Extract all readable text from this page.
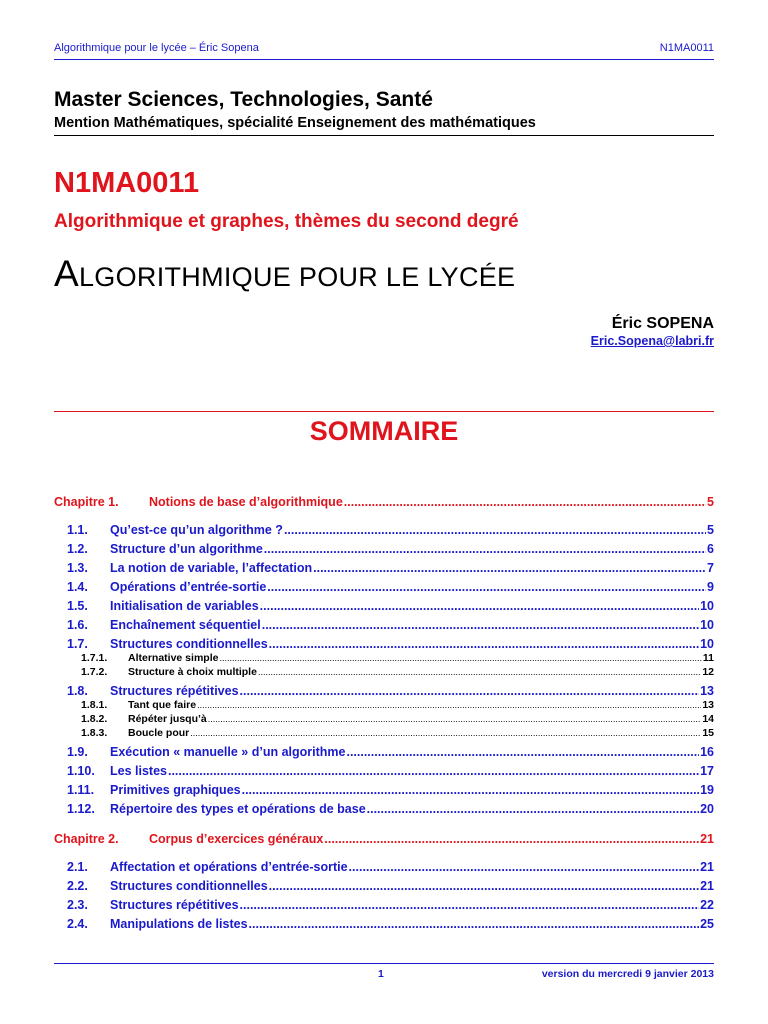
Algorithmique pour le lycée – Éric Sopena	N1MA0011
Master Sciences, Technologies, Santé
Mention Mathématiques, spécialité Enseignement des mathématiques
N1MA0011
Algorithmique et graphes, thèmes du second degré
ALGORITHMIQUE POUR LE LYCÉE
Éric SOPENA
Eric.Sopena@labri.fr
SOMMAIRE
Chapitre 1.	Notions de base d’algorithmique .....	5
1.1.	Qu’est-ce qu’un algorithme ? .....	5
1.2.	Structure d’un algorithme .....	6
1.3.	La notion de variable, l’affectation .....	7
1.4.	Opérations d’entrée-sortie .....	9
1.5.	Initialisation de variables .....	10
1.6.	Enchaînement séquentiel .....	10
1.7.	Structures conditionnelles .....	10
1.7.1.	Alternative simple .....	11
1.7.2.	Structure à choix multiple .....	12
1.8.	Structures répétitives .....	13
1.8.1.	Tant que faire .....	13
1.8.2.	Répéter jusqu’à .....	14
1.8.3.	Boucle pour .....	15
1.9.	Exécution « manuelle » d’un algorithme .....	16
1.10.	Les listes .....	17
1.11.	Primitives graphiques .....	19
1.12.	Répertoire des types et opérations de base .....	20
Chapitre 2.	Corpus d’exercices généraux .....	21
2.1.	Affectation et opérations d’entrée-sortie .....	21
2.2.	Structures conditionnelles .....	21
2.3.	Structures répétitives .....	22
2.4.	Manipulations de listes .....	25
1	version du mercredi 9 janvier 2013
